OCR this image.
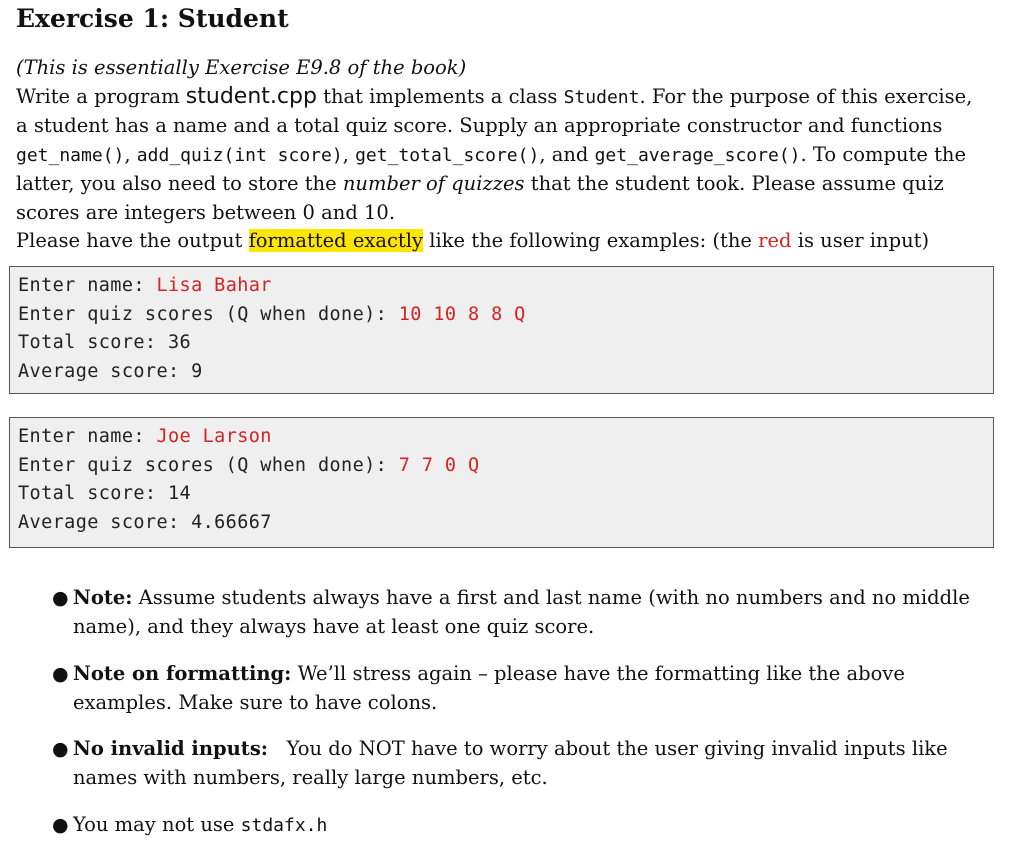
Exercise 1: Student

(This is essentially Exercise E9.8 of the book)
Write a program student.cpp that implements a class Student. For the purpose of this exercise, a student has a name and a total quiz score. Supply an appropriate constructor and functions get_name(), add_quiz(int score), get_total_score(), and get_average_score(). To compute the latter, you also need to store the number of quizzes that the student took. Please assume quiz scores are integers between 0 and 10.
Please have the output formatted exactly like the following examples: (the red is user input)

Enter name: Lisa Bahar
Enter quiz scores (Q when done): 10 10 8 8 Q
Total score: 36
Average score: 9
Enter name: Joe Larson
Enter quiz scores (Q when done): 7 7 0 Q
Total score: 14
Average score: 4.66667
● Note: Assume students always have a first and last name (with no numbers and no middle name), and they always have at least one quiz score.
● Note on formatting: We’ll stress again – please have the formatting like the above examples. Make sure to have colons.
● No invalid inputs:   You do NOT have to worry about the user giving invalid inputs like names with numbers, really large numbers, etc.
● You may not use stdafx.h
